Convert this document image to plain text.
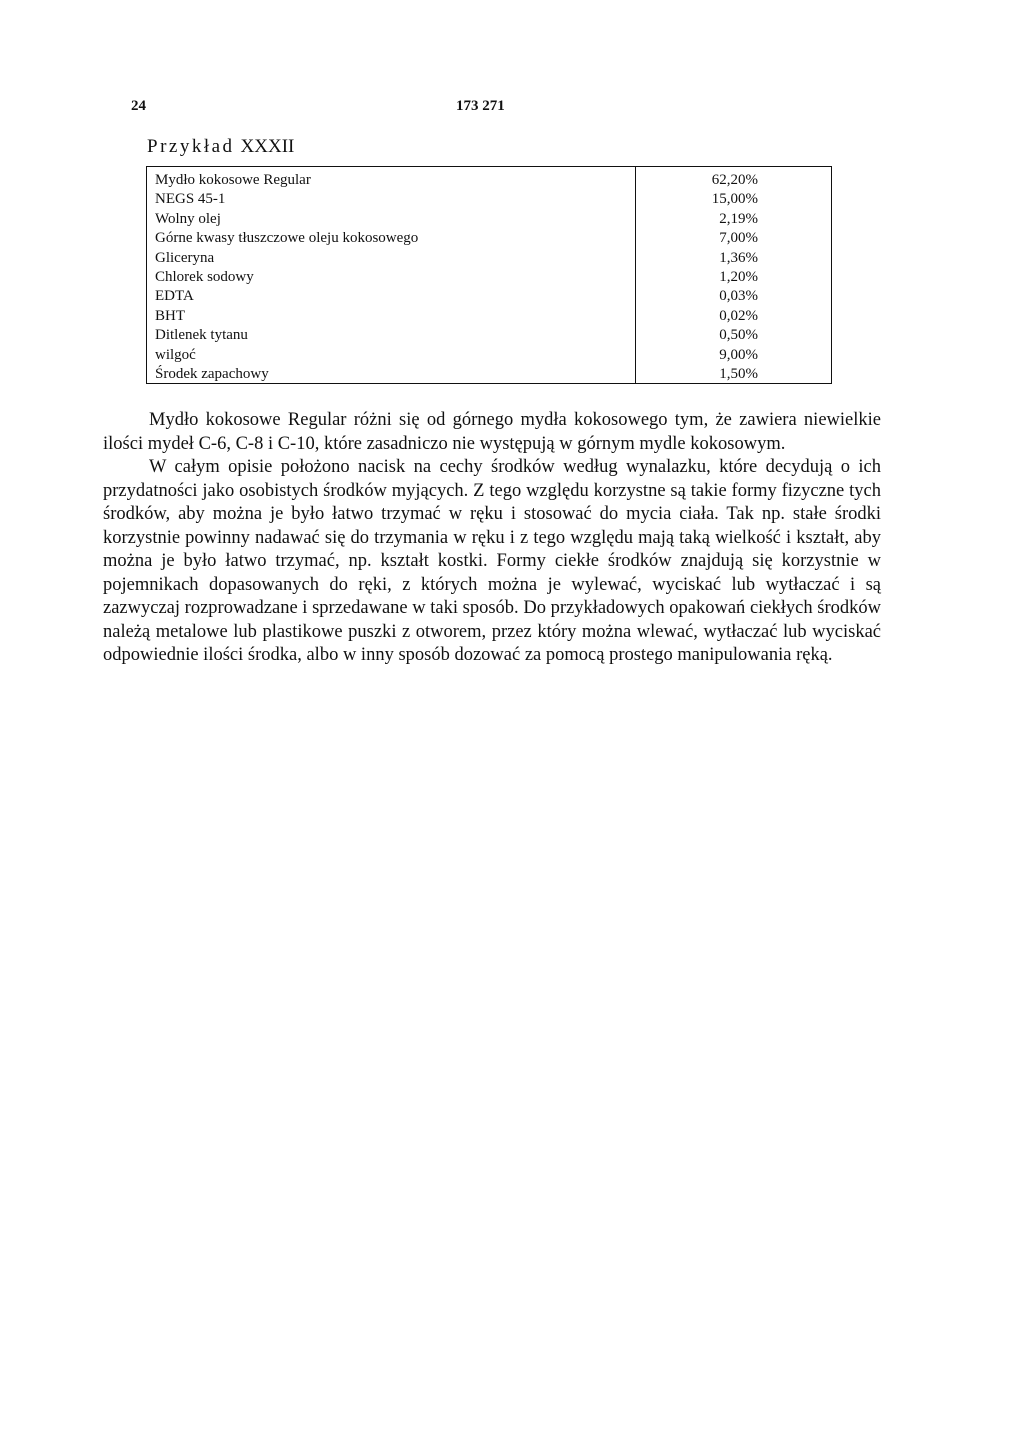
24	173 271
Przykład XXXII
Mydło kokosowe Regular
NEGS 45-1
Wolny olej
Górne kwasy tłuszczowe oleju kokosowego
Gliceryna
Chlorek sodowy
EDTA
BHT
Ditlenek tytanu
wilgoć
Środek zapachowy
62,20%
15,00%
2,19%
7,00%
1,36%
1,20%
0,03%
0,02%
0,50%
9,00%
1,50%

Mydło kokosowe Regular różni się od górnego mydła kokosowego tym, że zawiera niewielkie ilości mydeł C-6, C-8 i C-10, które zasadniczo nie występują w górnym mydle kokosowym.

W całym opisie położono nacisk na cechy środków według wynalazku, które decydują o ich przydatności jako osobistych środków myjących. Z tego względu korzystne są takie formy fizyczne tych środków, aby można je było łatwo trzymać w ręku i stosować do mycia ciała. Tak np. stałe środki korzystnie powinny nadawać się do trzymania w ręku i z tego względu mają taką wielkość i kształt, aby można je było łatwo trzymać, np. kształt kostki. Formy ciekłe środków znajdują się korzystnie w pojemnikach dopasowanych do ręki, z których można je wylewać, wyciskać lub wytłaczać i są zazwyczaj rozprowadzane i sprzedawane w taki sposób. Do przykładowych opakowań ciekłych środków należą metalowe lub plastikowe puszki z otworem, przez który można wlewać, wytłaczać lub wyciskać odpowiednie ilości środka, albo w inny sposób dozować za pomocą prostego manipulowania ręką.
